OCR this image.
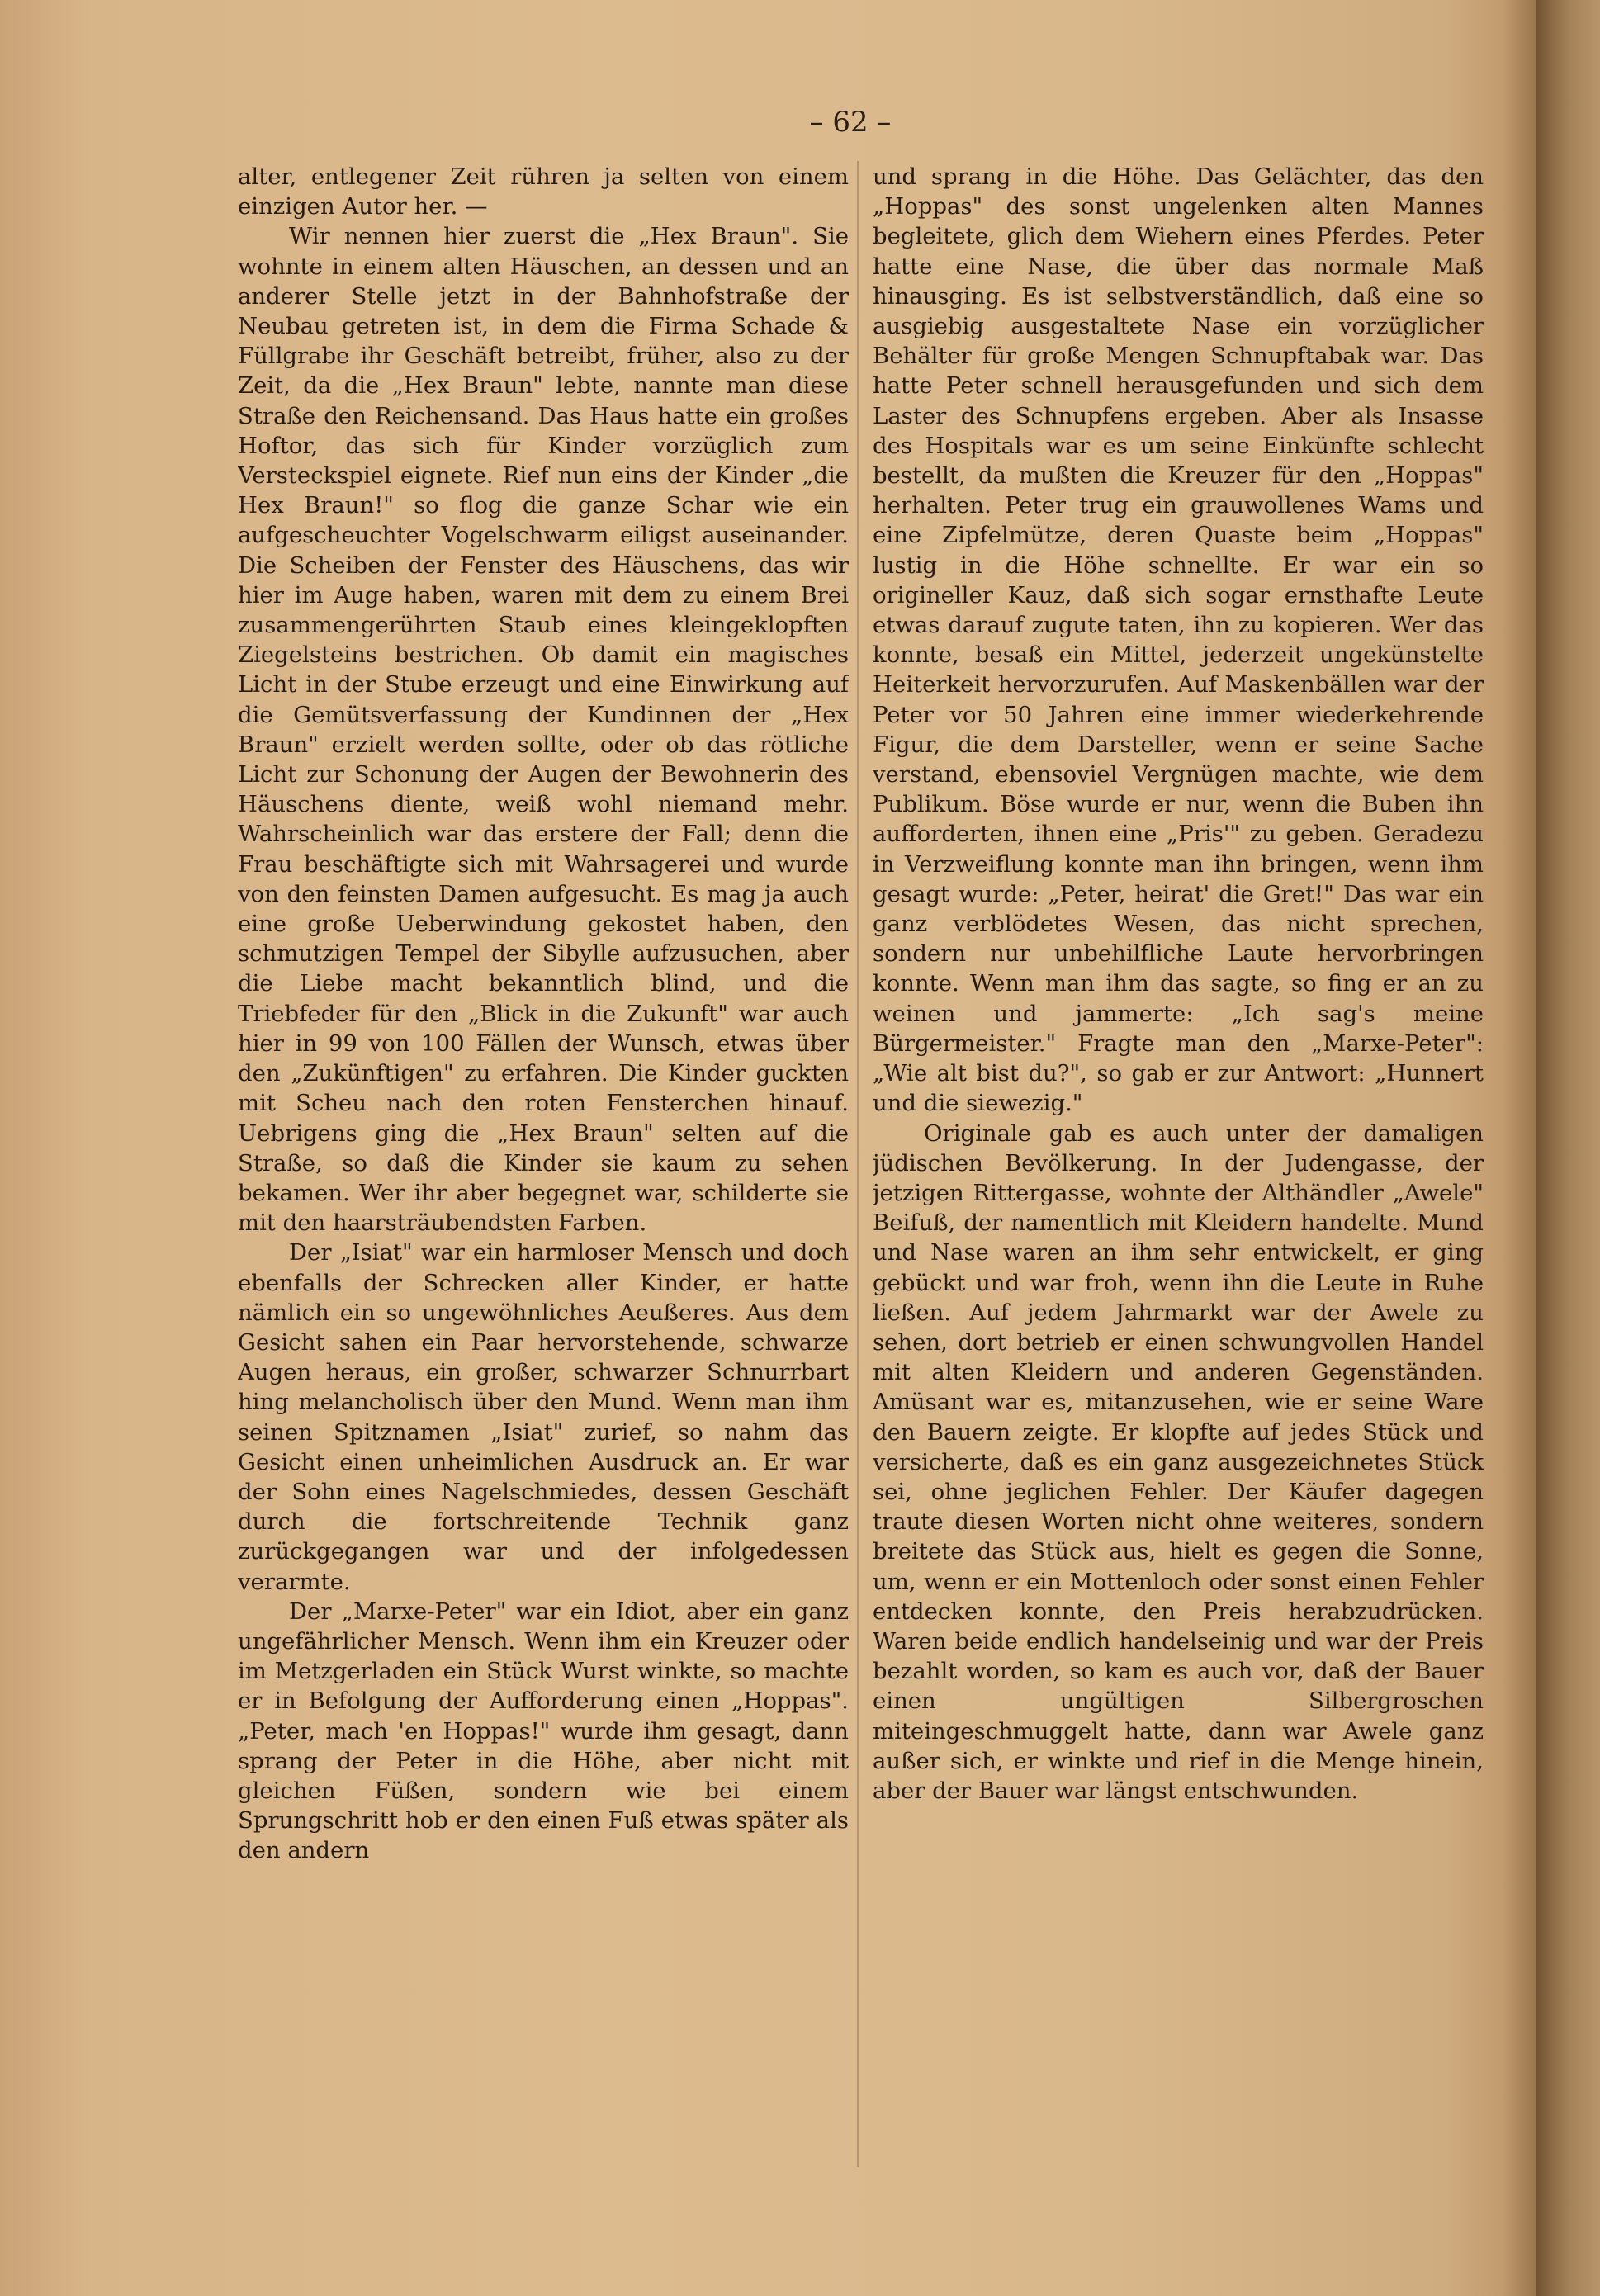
– 62 –

alter, entlegener Zeit rühren ja selten von einem einzigen Autor her. —

Wir nennen hier zuerst die „Hex Braun". Sie wohnte in einem alten Häuschen, an dessen und an anderer Stelle jetzt in der Bahnhofstraße der Neubau getreten ist, in dem die Firma Schade & Füllgrabe ihr Geschäft betreibt, früher, also zu der Zeit, da die „Hex Braun" lebte, nannte man diese Straße den Reichensand. Das Haus hatte ein großes Hoftor, das sich für Kinder vorzüglich zum Versteckspiel eignete. Rief nun eins der Kinder „die Hex Braun!" so flog die ganze Schar wie ein aufgescheuchter Vogelschwarm eiligst auseinander. Die Scheiben der Fenster des Häuschens, das wir hier im Auge haben, waren mit dem zu einem Brei zusammengerührten Staub eines kleingeklopften Ziegelsteins bestrichen. Ob damit ein magisches Licht in der Stube erzeugt und eine Einwirkung auf die Gemütsverfassung der Kundinnen der „Hex Braun" erzielt werden sollte, oder ob das rötliche Licht zur Schonung der Augen der Bewohnerin des Häuschens diente, weiß wohl niemand mehr. Wahrscheinlich war das erstere der Fall; denn die Frau beschäftigte sich mit Wahrsagerei und wurde von den feinsten Damen aufgesucht. Es mag ja auch eine große Ueberwindung gekostet haben, den schmutzigen Tempel der Sibylle aufzusuchen, aber die Liebe macht bekanntlich blind, und die Triebfeder für den „Blick in die Zukunft" war auch hier in 99 von 100 Fällen der Wunsch, etwas über den „Zukünftigen" zu erfahren. Die Kinder guckten mit Scheu nach den roten Fensterchen hinauf. Uebrigens ging die „Hex Braun" selten auf die Straße, so daß die Kinder sie kaum zu sehen bekamen. Wer ihr aber begegnet war, schilderte sie mit den haarsträubendsten Farben.

Der „Isiat" war ein harmloser Mensch und doch ebenfalls der Schrecken aller Kinder, er hatte nämlich ein so ungewöhnliches Aeußeres. Aus dem Gesicht sahen ein Paar hervorstehende, schwarze Augen heraus, ein großer, schwarzer Schnurrbart hing melancholisch über den Mund. Wenn man ihm seinen Spitznamen „Isiat" zurief, so nahm das Gesicht einen unheimlichen Ausdruck an. Er war der Sohn eines Nagelschmiedes, dessen Geschäft durch die fortschreitende Technik ganz zurückgegangen war und der infolgedessen verarmte.

Der „Marxe-Peter" war ein Idiot, aber ein ganz ungefährlicher Mensch. Wenn ihm ein Kreuzer oder im Metzgerladen ein Stück Wurst winkte, so machte er in Befolgung der Aufforderung einen „Hoppas". „Peter, mach 'en Hoppas!" wurde ihm gesagt, dann sprang der Peter in die Höhe, aber nicht mit gleichen Füßen, sondern wie bei einem Sprungschritt hob er den einen Fuß etwas später als den andern

und sprang in die Höhe. Das Gelächter, das den „Hoppas" des sonst ungelenken alten Mannes begleitete, glich dem Wiehern eines Pferdes. Peter hatte eine Nase, die über das normale Maß hinausging. Es ist selbstverständlich, daß eine so ausgiebig ausgestaltete Nase ein vorzüglicher Behälter für große Mengen Schnupftabak war. Das hatte Peter schnell herausgefunden und sich dem Laster des Schnupfens ergeben. Aber als Insasse des Hospitals war es um seine Einkünfte schlecht bestellt, da mußten die Kreuzer für den „Hoppas" herhalten. Peter trug ein grauwollenes Wams und eine Zipfelmütze, deren Quaste beim „Hoppas" lustig in die Höhe schnellte. Er war ein so origineller Kauz, daß sich sogar ernsthafte Leute etwas darauf zugute taten, ihn zu kopieren. Wer das konnte, besaß ein Mittel, jederzeit ungekünstelte Heiterkeit hervorzurufen. Auf Maskenbällen war der Peter vor 50 Jahren eine immer wiederkehrende Figur, die dem Darsteller, wenn er seine Sache verstand, ebensoviel Vergnügen machte, wie dem Publikum. Böse wurde er nur, wenn die Buben ihn aufforderten, ihnen eine „Pris'" zu geben. Geradezu in Verzweiflung konnte man ihn bringen, wenn ihm gesagt wurde: „Peter, heirat' die Gret!" Das war ein ganz verblödetes Wesen, das nicht sprechen, sondern nur unbehilfliche Laute hervorbringen konnte. Wenn man ihm das sagte, so fing er an zu weinen und jammerte: „Ich sag's meine Bürgermeister." Fragte man den „Marxe-Peter": „Wie alt bist du?", so gab er zur Antwort: „Hunnert und die siewezig."

Originale gab es auch unter der damaligen jüdischen Bevölkerung. In der Judengasse, der jetzigen Rittergasse, wohnte der Althändler „Awele" Beifuß, der namentlich mit Kleidern handelte. Mund und Nase waren an ihm sehr entwickelt, er ging gebückt und war froh, wenn ihn die Leute in Ruhe ließen. Auf jedem Jahrmarkt war der Awele zu sehen, dort betrieb er einen schwungvollen Handel mit alten Kleidern und anderen Gegenständen. Amüsant war es, mitanzusehen, wie er seine Ware den Bauern zeigte. Er klopfte auf jedes Stück und versicherte, daß es ein ganz ausgezeichnetes Stück sei, ohne jeglichen Fehler. Der Käufer dagegen traute diesen Worten nicht ohne weiteres, sondern breitete das Stück aus, hielt es gegen die Sonne, um, wenn er ein Mottenloch oder sonst einen Fehler entdecken konnte, den Preis herabzudrücken. Waren beide endlich handelseinig und war der Preis bezahlt worden, so kam es auch vor, daß der Bauer einen ungültigen Silbergroschen miteingeschmuggelt hatte, dann war Awele ganz außer sich, er winkte und rief in die Menge hinein, aber der Bauer war längst entschwunden.
